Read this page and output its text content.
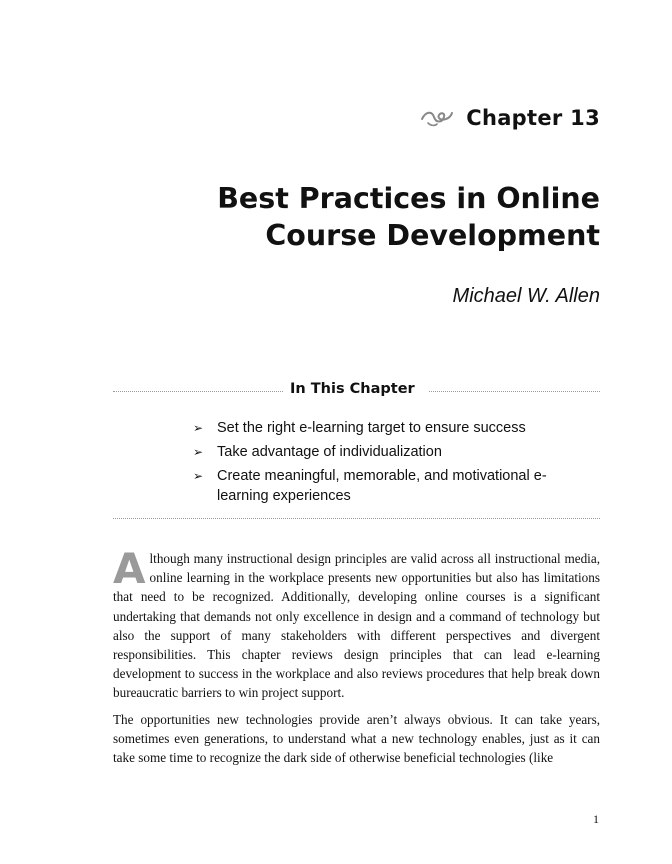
Chapter 13
Best Practices in Online
Course Development
Michael W. Allen
In This Chapter
➢ Set the right e-learning target to ensure success
➢ Take advantage of individualization
➢ Create meaningful, memorable, and motivational e-learning experiences

Although many instructional design principles are valid across all instructional media, online learning in the workplace presents new opportunities but also has limitations that need to be recognized. Additionally, developing online courses is a significant undertaking that demands not only excellence in design and a command of technology but also the support of many stakeholders with different perspectives and divergent responsibilities. This chapter reviews design principles that can lead e-learning development to success in the workplace and also reviews procedures that help break down bureaucratic barriers to win project support.

The opportunities new technologies provide aren’t always obvious. It can take years, sometimes even generations, to understand what a new technology enables, just as it can take some time to recognize the dark side of otherwise beneficial technologies (like

1
